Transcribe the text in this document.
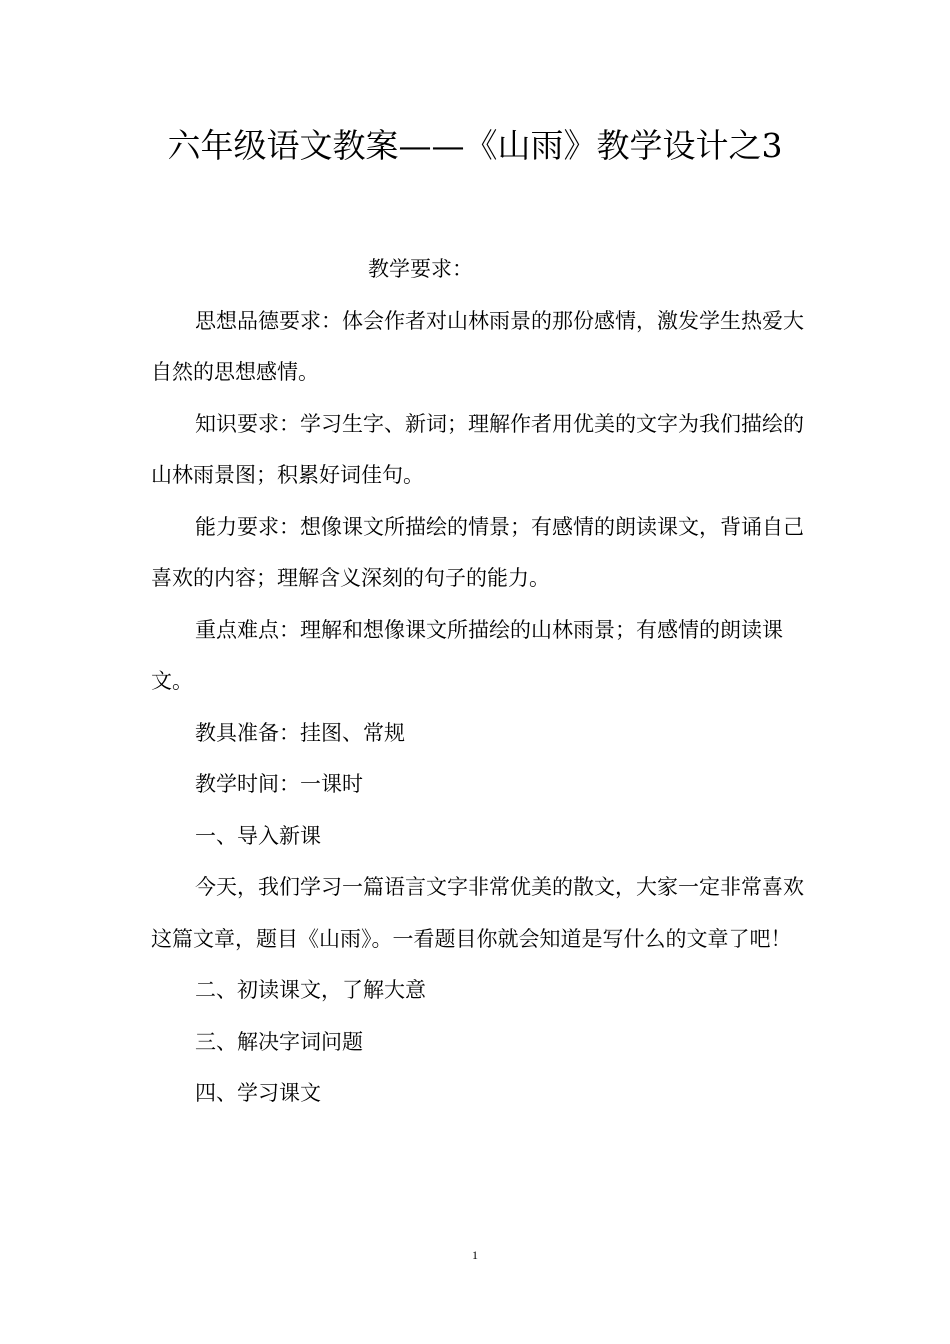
六年级语文教案——《山雨》教学设计之3

教学要求：

思想品德要求：体会作者对山林雨景的那份感情，激发学生热爱大自然的思想感情。

知识要求：学习生字、新词；理解作者用优美的文字为我们描绘的山林雨景图；积累好词佳句。

能力要求：想像课文所描绘的情景；有感情的朗读课文，背诵自己喜欢的内容；理解含义深刻的句子的能力。

重点难点：理解和想像课文所描绘的山林雨景；有感情的朗读课文。

教具准备：挂图、常规

教学时间：一课时

一、导入新课

今天，我们学习一篇语言文字非常优美的散文，大家一定非常喜欢这篇文章，题目《山雨》。一看题目你就会知道是写什么的文章了吧！

二、初读课文，了解大意

三、解决字词问题

四、学习课文

1
